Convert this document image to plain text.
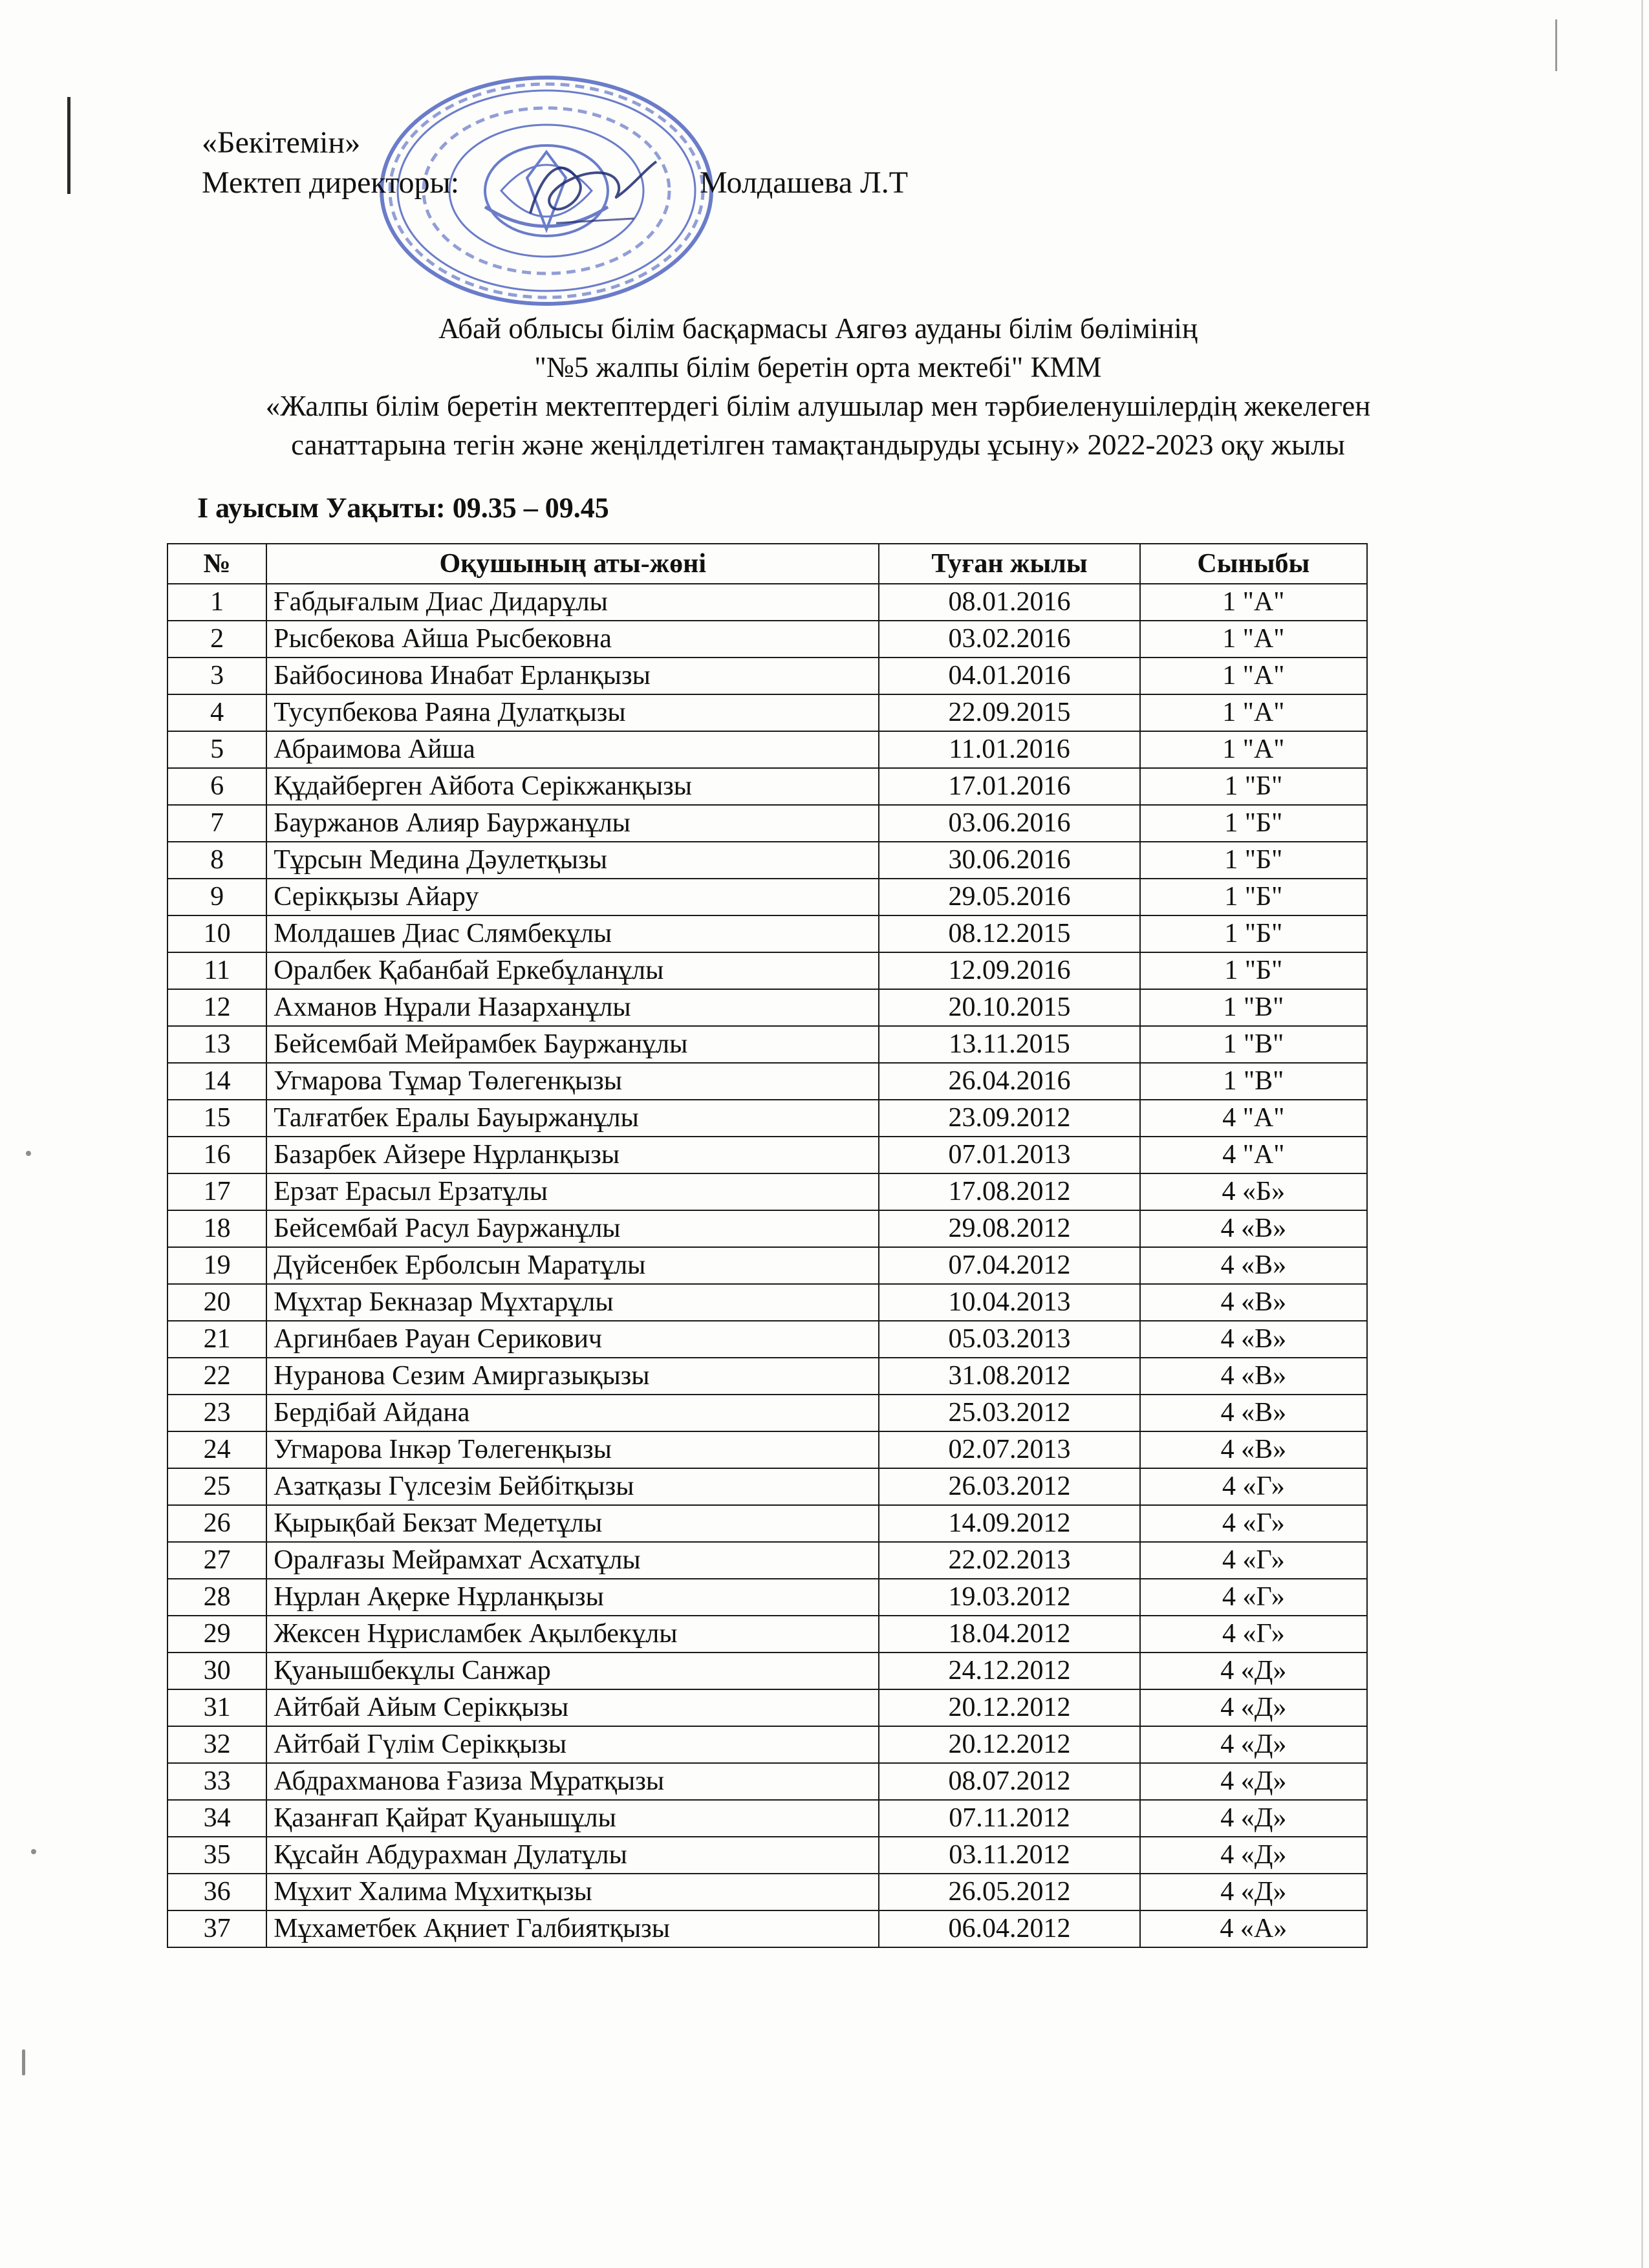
«Бекітемін»
Мектеп директоры:	Молдашева Л.Т
Абай облысы білім басқармасы Аягөз ауданы білім бөлімінің
"№5 жалпы білім беретін орта мектебі" КММ
«Жалпы білім беретін мектептердегі білім алушылар мен тәрбиеленушілердің жекелеген
санаттарына тегін және жеңілдетілген тамақтандыруды ұсыну» 2022-2023 оқу жылы
I ауысым Уақыты: 09.35 – 09.45
№	Оқушының аты-жөні	Туған жылы	Сыныбы
1	Ғабдығалым Диас Дидарұлы	08.01.2016	1 "А"
2	Рысбекова Айша Рысбековна	03.02.2016	1 "А"
3	Байбосинова Инабат Ерланқызы	04.01.2016	1 "А"
4	Тусупбекова Раяна Дулатқызы	22.09.2015	1 "А"
5	Абраимова Айша	11.01.2016	1 "А"
6	Құдайберген Айбота Серікжанқызы	17.01.2016	1 "Б"
7	Бауржанов Алияр Бауржанұлы	03.06.2016	1 "Б"
8	Тұрсын Медина Дәулетқызы	30.06.2016	1 "Б"
9	Серікқызы Айару	29.05.2016	1 "Б"
10	Молдашев Диас Слямбекұлы	08.12.2015	1 "Б"
11	Оралбек Қабанбай Еркебұланұлы	12.09.2016	1 "Б"
12	Ахманов Нұрали Назарханұлы	20.10.2015	1 "В"
13	Бейсембай Мейрамбек Бауржанұлы	13.11.2015	1 "В"
14	Угмарова Тұмар Төлегенқызы	26.04.2016	1 "В"
15	Талғатбек Ералы Бауыржанұлы	23.09.2012	4 "А"
16	Базарбек Айзере Нұрланқызы	07.01.2013	4 "А"
17	Ерзат Ерасыл Ерзатұлы	17.08.2012	4 «Б»
18	Бейсембай Расул Бауржанұлы	29.08.2012	4 «В»
19	Дүйсенбек Ерболсын Маратұлы	07.04.2012	4 «В»
20	Мұхтар Бекназар Мұхтарұлы	10.04.2013	4 «В»
21	Аргинбаев Рауан Серикович	05.03.2013	4 «В»
22	Нуранова Сезим Амиргазықызы	31.08.2012	4 «В»
23	Бердібай Айдана	25.03.2012	4 «В»
24	Угмарова Інкәр Төлегенқызы	02.07.2013	4 «В»
25	Азатқазы Гүлсезім Бейбітқызы	26.03.2012	4 «Г»
26	Қырықбай Бекзат Медетұлы	14.09.2012	4 «Г»
27	Оралғазы Мейрамхат Асхатұлы	22.02.2013	4 «Г»
28	Нұрлан Ақерке Нұрланқызы	19.03.2012	4 «Г»
29	Жексен Нұрисламбек Ақылбекұлы	18.04.2012	4 «Г»
30	Қуанышбекұлы Санжар	24.12.2012	4 «Д»
31	Айтбай Айым Серікқызы	20.12.2012	4 «Д»
32	Айтбай Гүлім Серікқызы	20.12.2012	4 «Д»
33	Абдрахманова Ғазиза Мұратқызы	08.07.2012	4 «Д»
34	Қазанғап Қайрат Қуанышұлы	07.11.2012	4 «Д»
35	Құсайн Абдурахман Дулатұлы	03.11.2012	4 «Д»
36	Мұхит Халима Мұхитқызы	26.05.2012	4 «Д»
37	Мұхаметбек Ақниет Галбиятқызы	06.04.2012	4 «А»
